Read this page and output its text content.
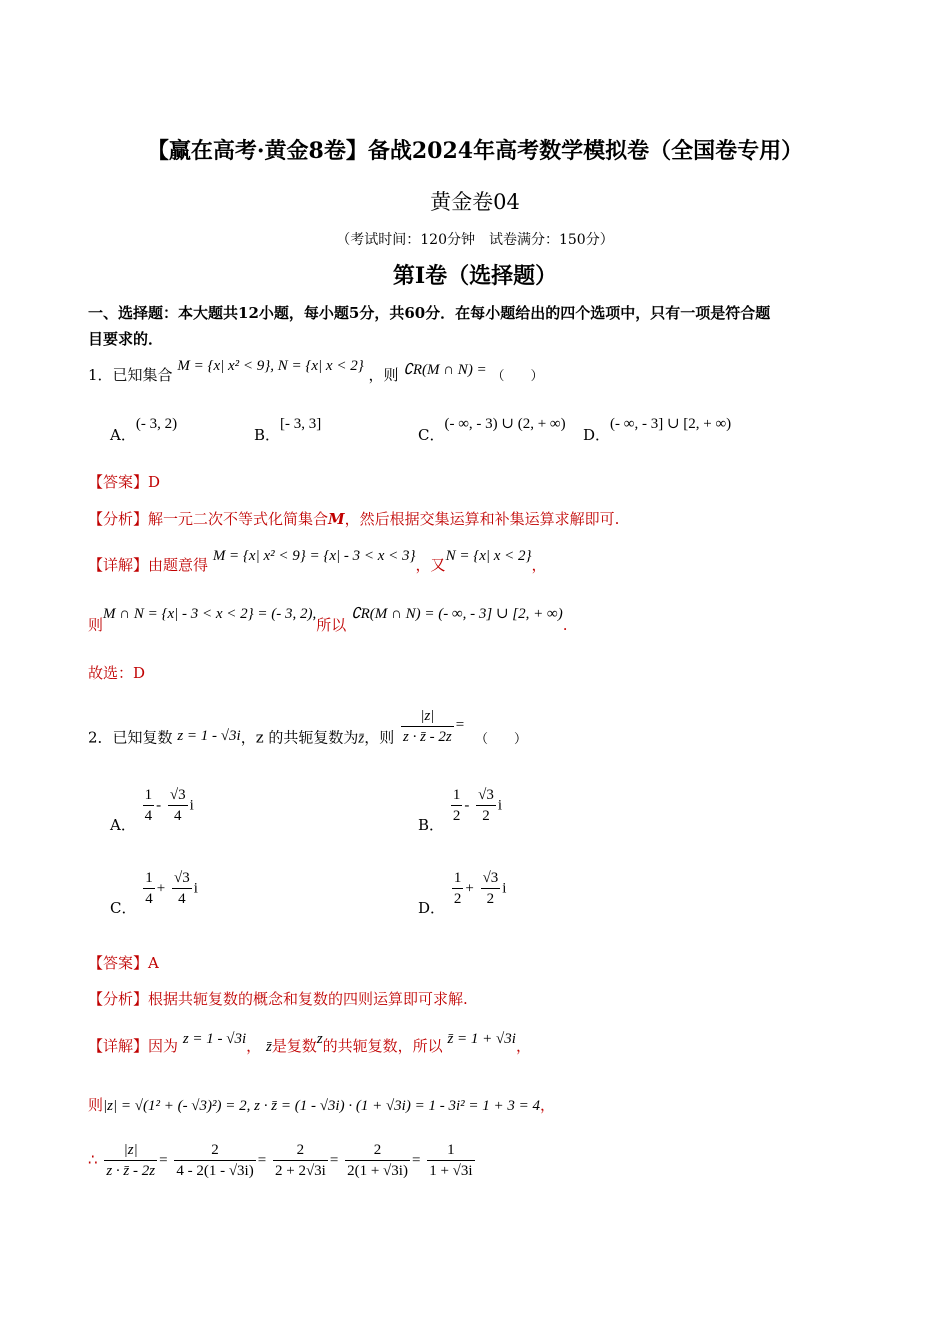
【赢在高考·黄金8卷】备战2024年高考数学模拟卷（全国卷专用）
黄金卷04
（考试时间：120分钟　试卷满分：150分）
第I卷（选择题）
一、选择题：本大题共12小题，每小题5分，共60分．在每小题给出的四个选项中，只有一项是符合题
目要求的．
1．已知集合 M = {x| x² < 9}, N = {x| x < 2} ，则 ∁R(M ∩ N) = （　　）
A．(- 3, 2)
B．[- 3, 3]
C．(- ∞, - 3) ∪ (2, + ∞)
D．(- ∞, - 3] ∪ [2, + ∞)
【答案】D
【分析】解一元二次不等式化简集合M，然后根据交集运算和补集运算求解即可.
【详解】由题意得 M = {x| x² < 9} = {x| - 3 < x < 3}，又N = {x| x < 2}，
则M ∩ N = {x| - 3 < x < 2} = (- 3, 2),所以 ∁R(M ∩ N) = (- ∞, - 3] ∪ [2, + ∞).
故选：D
2．已知复数 z = 1 - √3i，z 的共轭复数为z̄，则 $\frac{|z|}{z \cdot z̄ - 2z}$ = （　　）
A． $\frac{1}{4} - \frac{√3}{4}$ i
B． $\frac{1}{2} - \frac{√3}{2}$ i
C． $\frac{1}{4} + \frac{√3}{4}$ i
D． $\frac{1}{2} + \frac{√3}{2}$ i
【答案】A
【分析】根据共轭复数的概念和复数的四则运算即可求解.
【详解】因为 z = 1 - √3i， z̄是复数z的共轭复数，所以 z̄ = 1 + √3i，
则|z| = √(1² + (- √3)²) = 2, z · z̄ = (1 - √3i) · (1 + √3i) = 1 - 3i² = 1 + 3 = 4，
∴ $\frac{|z|}{z \cdot z̄ - 2z} = \frac{2}{4 - 2(1 - √3i)} = \frac{2}{2 + 2√3i} = \frac{2}{2(1 + √3i)} = \frac{1}{1 + √3i}$
